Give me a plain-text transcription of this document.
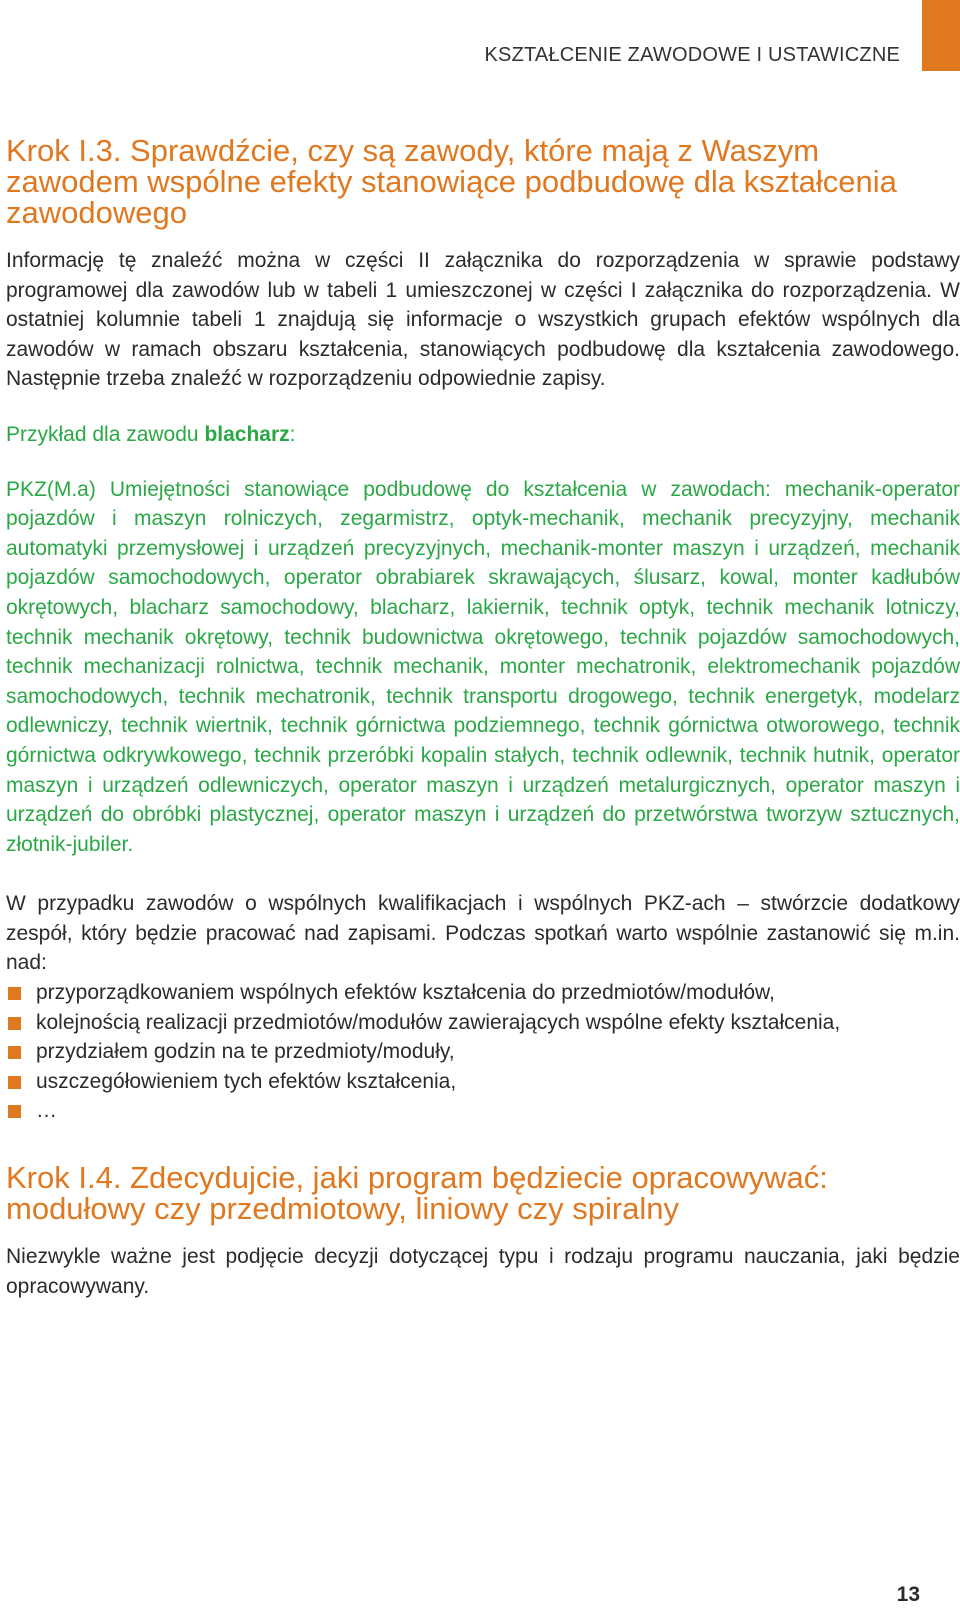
KSZTAŁCENIE ZAWODOWE I USTAWICZNE
Krok I.3. Sprawdźcie, czy są zawody, które mają z Waszym zawodem wspólne efekty stanowiące podbudowę dla kształcenia zawodowego

Informację tę znaleźć można w części II załącznika do rozporządzenia w sprawie podstawy programowej dla zawodów lub w tabeli 1 umieszczonej w części I załącznika do rozporządzenia. W ostatniej kolumnie tabeli 1 znajdują się informacje o wszystkich grupach efektów wspólnych dla zawodów w ramach obszaru kształcenia, stanowiących podbudowę dla kształcenia zawodowego. Następnie trzeba znaleźć w rozporządzeniu odpowiednie zapisy.

Przykład dla zawodu blacharz:

PKZ(M.a) Umiejętności stanowiące podbudowę do kształcenia w zawodach: mechanik-operator pojazdów i maszyn rolniczych, zegarmistrz, optyk-mechanik, mechanik precyzyjny, mechanik automatyki przemysłowej i urządzeń precyzyjnych, mechanik-monter maszyn i urządzeń, mechanik pojazdów samochodowych, operator obrabiarek skrawających, ślusarz, kowal, monter kadłubów okrętowych, blacharz samochodowy, blacharz, lakiernik, technik optyk, technik mechanik lotniczy, technik mechanik okrętowy, technik budownictwa okrętowego, technik pojazdów samochodowych, technik mechanizacji rolnictwa, technik mechanik, monter mechatronik, elektromechanik pojazdów samochodowych, technik mechatronik, technik transportu drogowego, technik energetyk, modelarz odlewniczy, technik wiertnik, technik górnictwa podziemnego, technik górnictwa otworowego, technik górnictwa odkrywkowego, technik przeróbki kopalin stałych, technik odlewnik, technik hutnik, operator maszyn i urządzeń odlewniczych, operator maszyn i urządzeń metalurgicznych, operator maszyn i urządzeń do obróbki plastycznej, operator maszyn i urządzeń do przetwórstwa tworzyw sztucznych, złotnik-jubiler.

W przypadku zawodów o wspólnych kwalifikacjach i wspólnych PKZ-ach – stwórzcie dodatkowy zespół, który będzie pracować nad zapisami. Podczas spotkań warto wspólnie zastanowić się m.in. nad:

przyporządkowaniem wspólnych efektów kształcenia do przedmiotów/modułów,
kolejnością realizacji przedmiotów/modułów zawierających wspólne efekty kształcenia,
przydziałem godzin na te przedmioty/moduły,
uszczegółowieniem tych efektów kształcenia,
…
Krok I.4. Zdecydujcie, jaki program będziecie opracowywać: modułowy czy przedmiotowy, liniowy czy spiralny

Niezwykle ważne jest podjęcie decyzji dotyczącej typu i rodzaju programu nauczania, jaki będzie opracowywany.

13
